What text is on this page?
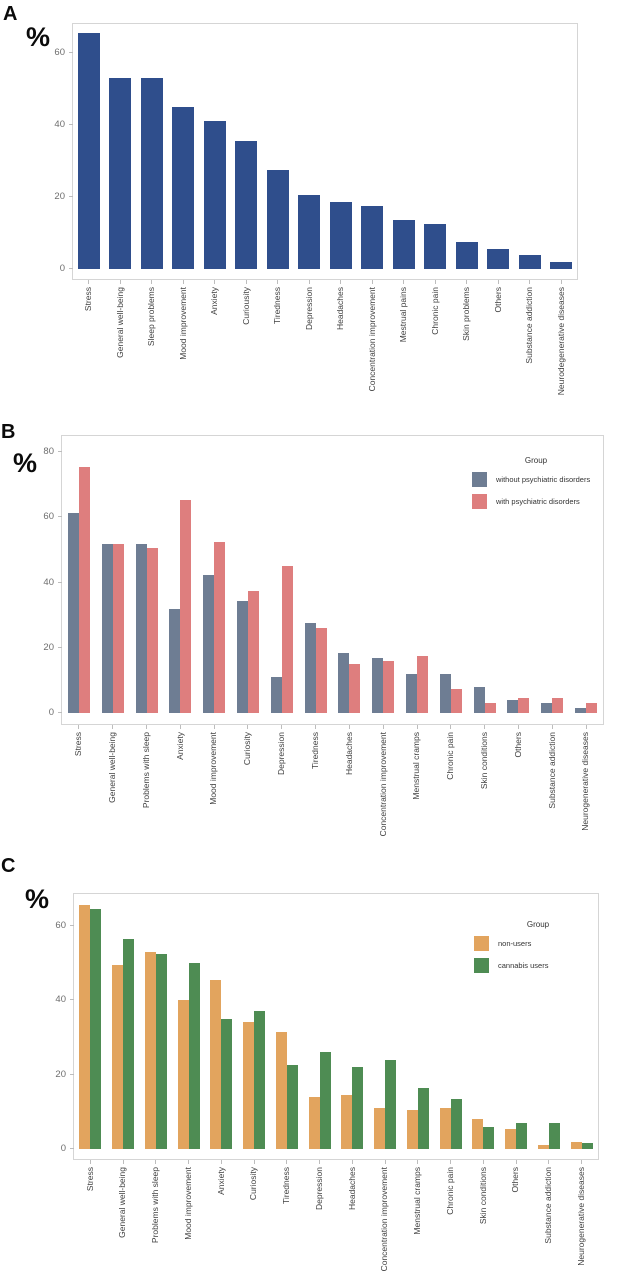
A
%
0
20
40
60
Stress	General well-being	Sleep problems	Mood improvement	Anxiety	Curiousity	Tiredness	Depression	Headaches	Concentration improvement	Mestrual pains	Chronic pain	Skin problems	Others	Substance addiction	Neurodegenerative diseases
B
%
0
20
40
60
80
Stress	General well-being	Problems with sleep	Anxiety	Mood improvement	Curiosity	Depression	Tiredness	Headaches	Concentration improvement	Menstrual cramps	Chronic pain	Skin conditions	Others	Substance addiction	Neurogenerative diseases
Group
without psychiatric disorders
with psychiatric disorders
C
%
0
20
40
60
Stress	General well-being	Problems with sleep	Mood improvement	Anxiety	Curiosity	Tiredness	Depression	Headaches	Concentration improvement	Menstrual cramps	Chronic pain	Skin conditions	Others	Substance addiction	Neurogenerative diseases
Group
non-users
cannabis users
